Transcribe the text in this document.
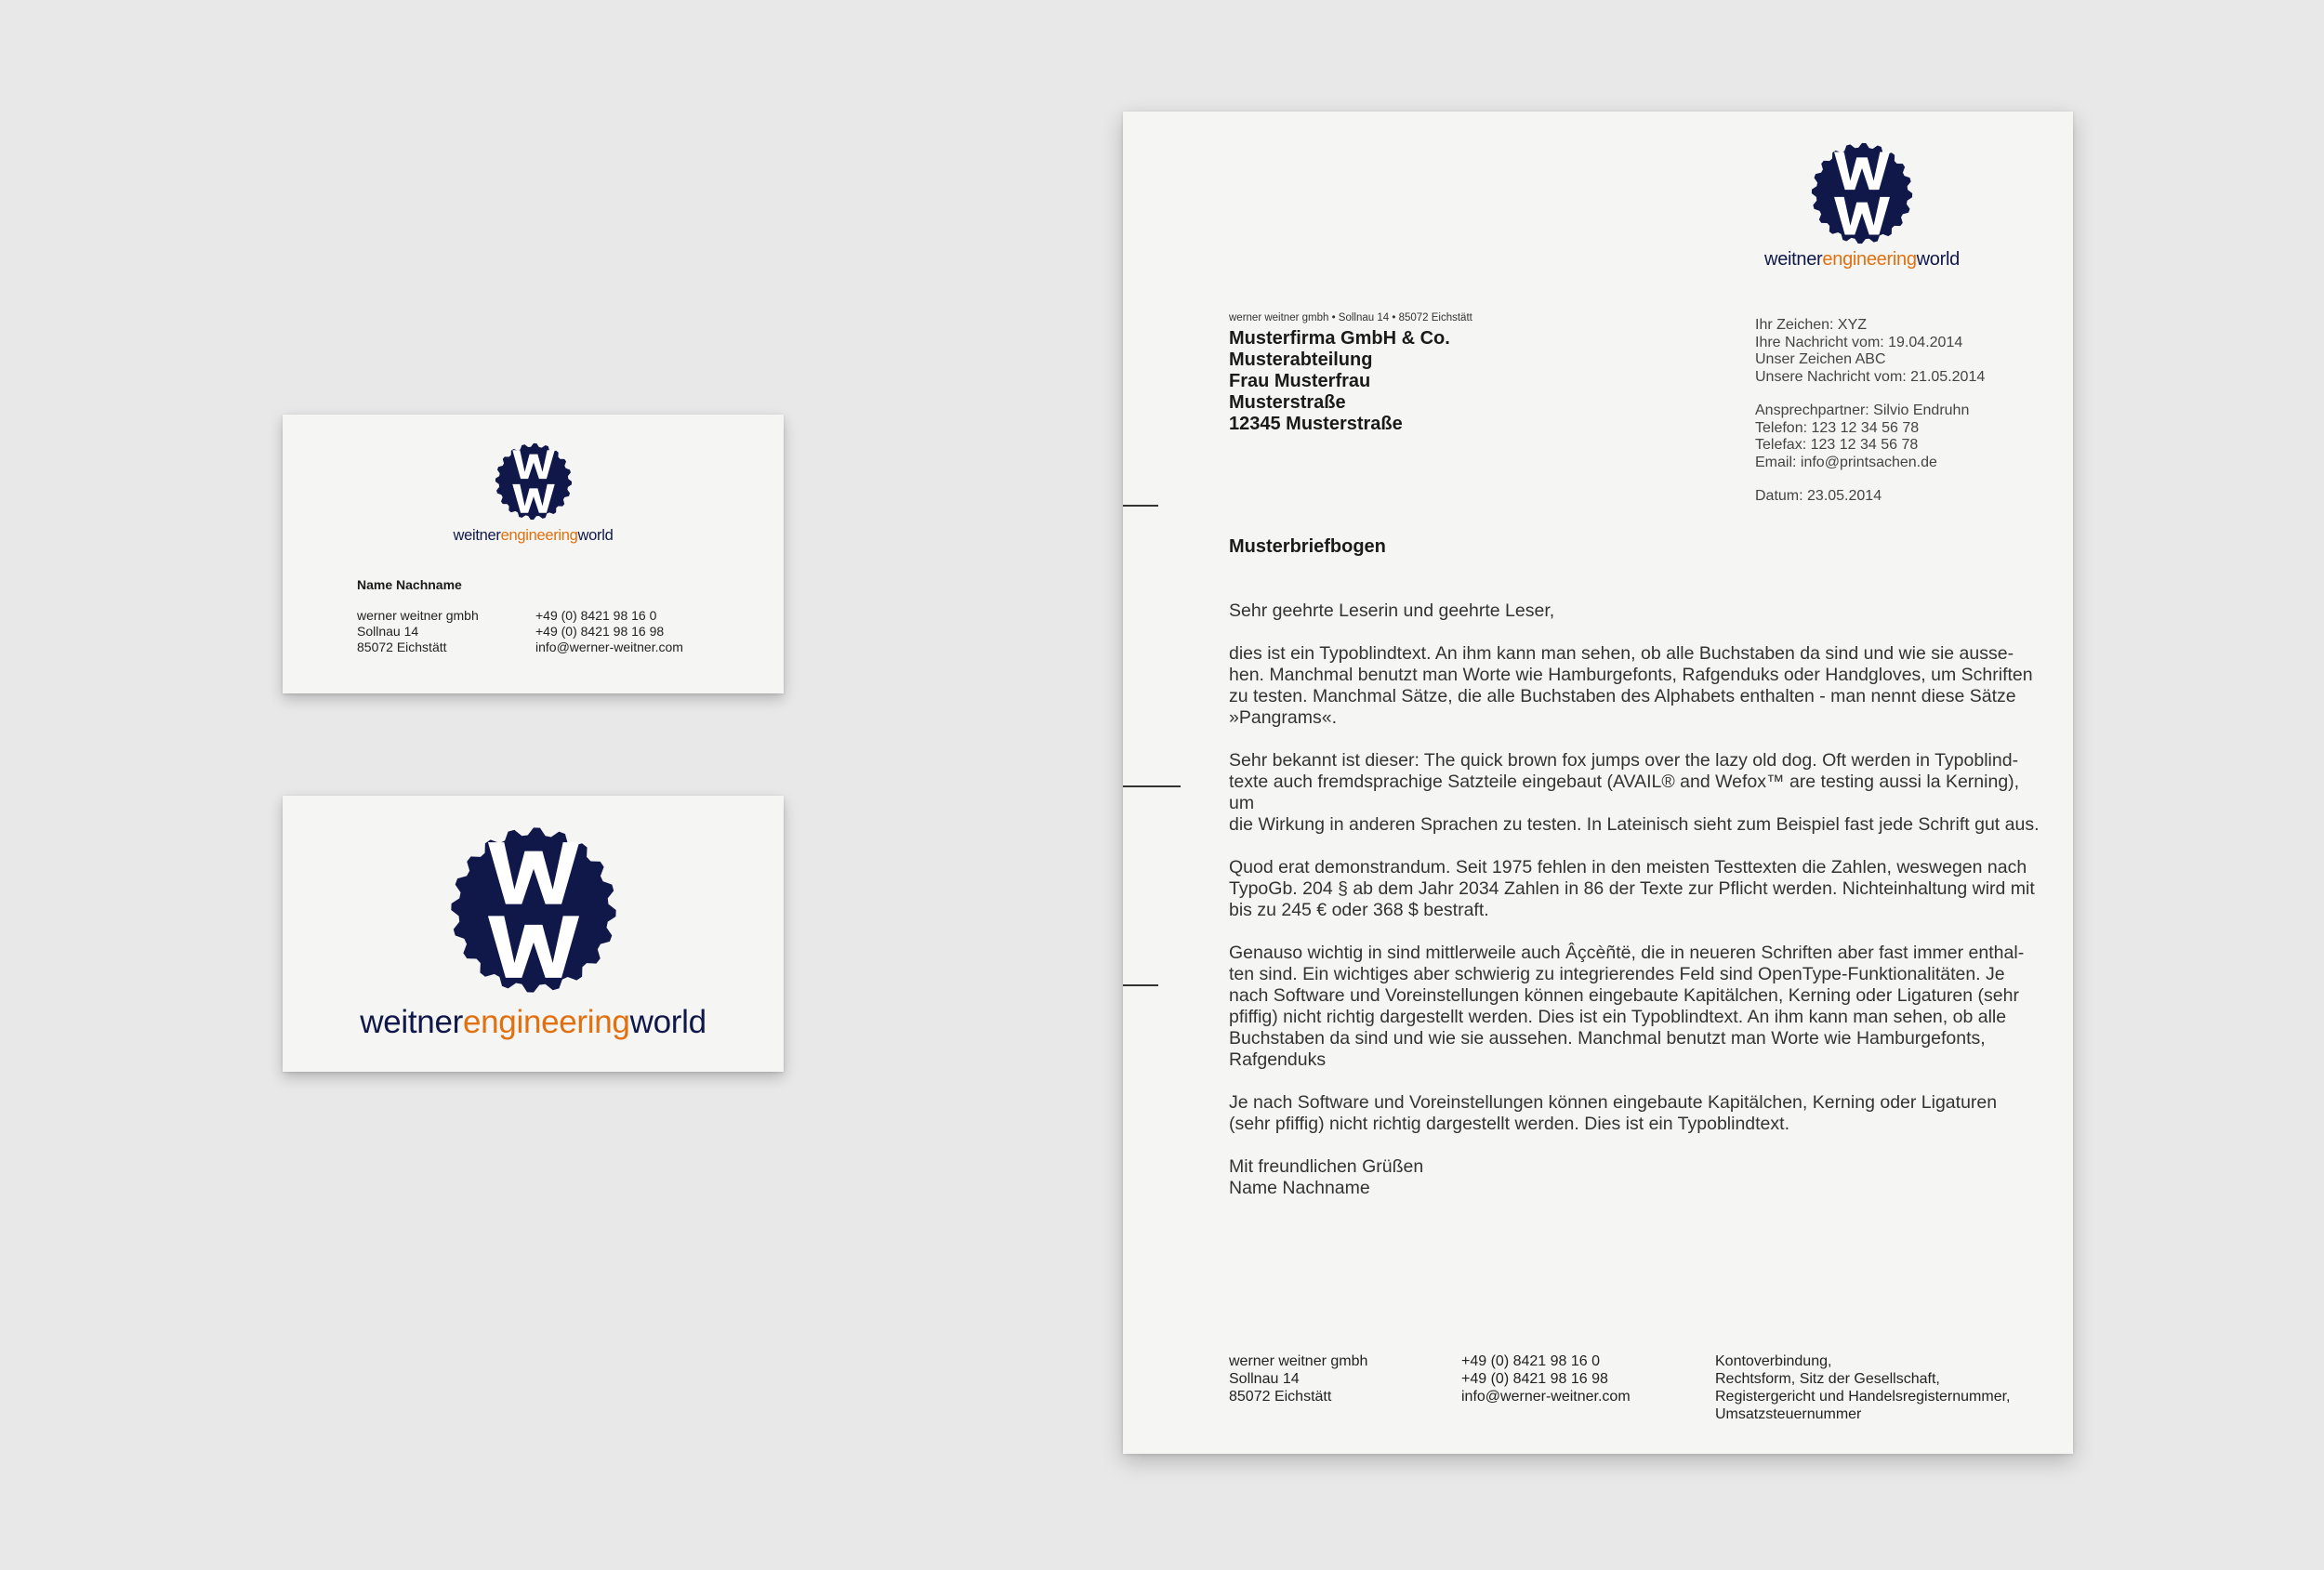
weitnerengineeringworld
Name Nachname
werner weitner gmbh
Sollnau 14
85072 Eichstätt
+49 (0) 8421 98 16 0
+49 (0) 8421 98 16 98
info@werner-weitner.com
weitnerengineeringworld
weitnerengineeringworld
werner weitner gmbh • Sollnau 14 • 85072 Eichstätt
Musterfirma GmbH & Co.
Musterabteilung
Frau Musterfrau
Musterstraße
12345 Musterstraße
Ihr Zeichen: XYZ
Ihre Nachricht vom: 19.04.2014
Unser Zeichen ABC
Unsere Nachricht vom: 21.05.2014
Ansprechpartner: Silvio Endruhn
Telefon: 123 12 34 56 78
Telefax: 123 12 34 56 78
Email: info@printsachen.de
Datum: 23.05.2014
Musterbriefbogen
Sehr geehrte Leserin und geehrte Leser,
dies ist ein Typoblindtext. An ihm kann man sehen, ob alle Buchstaben da sind und wie sie ausse-
hen. Manchmal benutzt man Worte wie Hamburgefonts, Rafgenduks oder Handgloves, um Schriften
zu testen. Manchmal Sätze, die alle Buchstaben des Alphabets enthalten - man nennt diese Sätze
»Pangrams«.
Sehr bekannt ist dieser: The quick brown fox jumps over the lazy old dog. Oft werden in Typoblind-
texte auch fremdsprachige Satzteile eingebaut (AVAIL® and Wefox™ are testing aussi la Kerning), um
die Wirkung in anderen Sprachen zu testen. In Lateinisch sieht zum Beispiel fast jede Schrift gut aus.
Quod erat demonstrandum. Seit 1975 fehlen in den meisten Testtexten die Zahlen, weswegen nach
TypoGb. 204 § ab dem Jahr 2034 Zahlen in 86 der Texte zur Pflicht werden. Nichteinhaltung wird mit
bis zu 245 € oder 368 $ bestraft.
Genauso wichtig in sind mittlerweile auch Âçcèñtë, die in neueren Schriften aber fast immer enthal-
ten sind. Ein wichtiges aber schwierig zu integrierendes Feld sind OpenType-Funktionalitäten. Je
nach Software und Voreinstellungen können eingebaute Kapitälchen, Kerning oder Ligaturen (sehr
pfiffig) nicht richtig dargestellt werden. Dies ist ein Typoblindtext. An ihm kann man sehen, ob alle
Buchstaben da sind und wie sie aussehen. Manchmal benutzt man Worte wie Hamburgefonts,
Rafgenduks
Je nach Software und Voreinstellungen können eingebaute Kapitälchen, Kerning oder Ligaturen
(sehr pfiffig) nicht richtig dargestellt werden. Dies ist ein Typoblindtext.
Mit freundlichen Grüßen
Name Nachname
werner weitner gmbh
Sollnau 14
85072 Eichstätt
+49 (0) 8421 98 16 0
+49 (0) 8421 98 16 98
info@werner-weitner.com
Kontoverbindung,
Rechtsform, Sitz der Gesellschaft,
Registergericht und Handelsregisternummer,
Umsatzsteuernummer
